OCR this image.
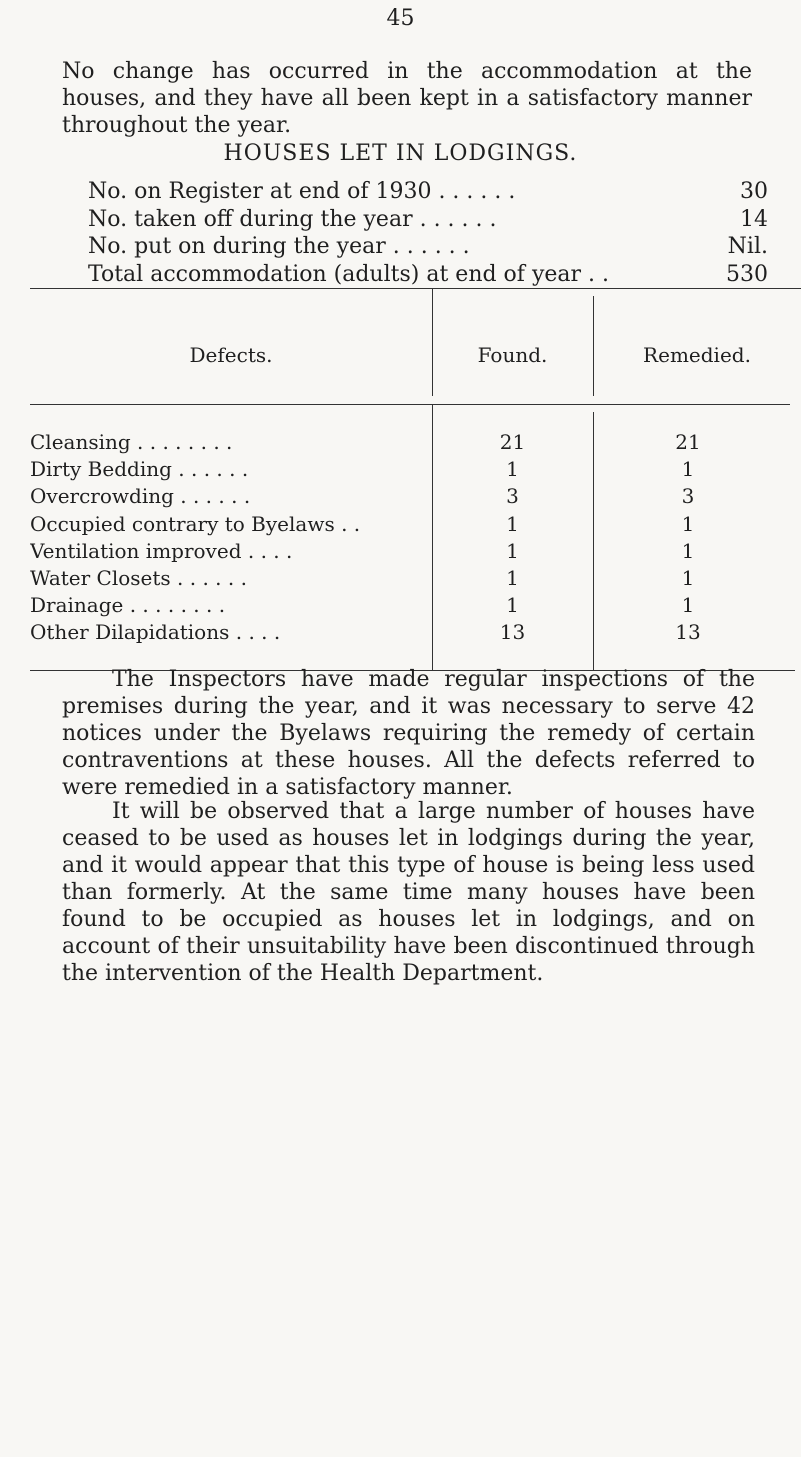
45

No change has occurred in the accommodation at the houses, and they have all been kept in a satisfactory manner throughout the year.

HOUSES LET IN LODGINGS.
No. on Register at end of 1930 . . . . . .	30
No. taken off during the year . . . . . .	14
No. put on during the year . . . . . .	Nil.
Total accommodation (adults) at end of year . .	530
Defects.	Found.	Remedied.
Cleansing . . . . . . . .	21	21
Dirty Bedding . . . . . .	1	1
Overcrowding . . . . . .	3	3
Occupied contrary to Byelaws . .	1	1
Ventilation improved . . . .	1	1
Water Closets . . . . . .	1	1
Drainage . . . . . . . .	1	1
Other Dilapidations . . . .	13	13

The Inspectors have made regular inspections of the premises during the year, and it was necessary to serve 42 notices under the Byelaws requiring the remedy of certain contraventions at these houses. All the defects referred to were remedied in a satisfactory manner.

It will be observed that a large number of houses have ceased to be used as houses let in lodgings during the year, and it would appear that this type of house is being less used than formerly. At the same time many houses have been found to be occupied as houses let in lodgings, and on account of their unsuitability have been discontinued through the intervention of the Health Department.
